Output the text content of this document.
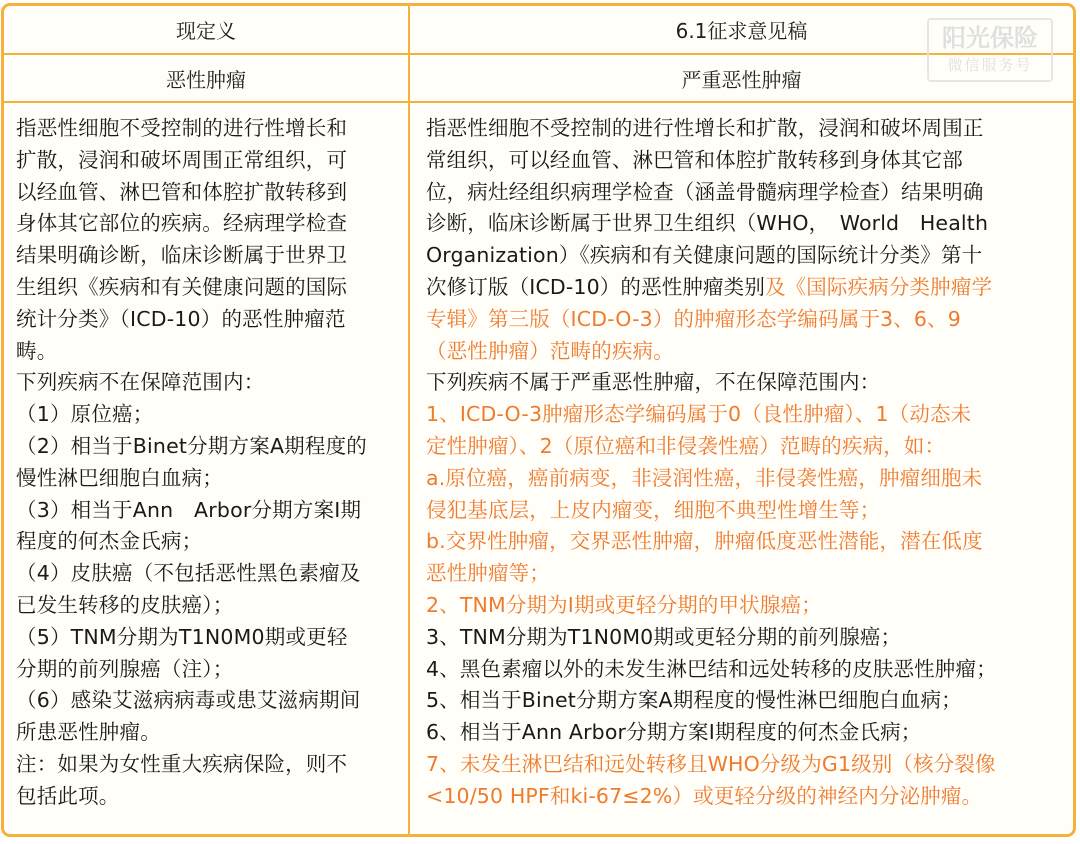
现定义	6.1征求意见稿
恶性肿瘤	严重恶性肿瘤
指恶性细胞不受控制的进行性增长和
扩散，浸润和破坏周围正常组织，可
以经血管、淋巴管和体腔扩散转移到
身体其它部位的疾病。经病理学检查
结果明确诊断，临床诊断属于世界卫
生组织《疾病和有关健康问题的国际
统计分类》（ICD-10）的恶性肿瘤范
畴。
下列疾病不在保障范围内：
（1）原位癌；
（2）相当于Binet分期方案A期程度的
慢性淋巴细胞白血病；
（3）相当于Ann　Arbor分期方案Ⅰ期
程度的何杰金氏病；
（4）皮肤癌（不包括恶性黑色素瘤及
已发生转移的皮肤癌）；
（5）TNM分期为T1N0M0期或更轻
分期的前列腺癌（注）；
（6）感染艾滋病病毒或患艾滋病期间
所患恶性肿瘤。
注：如果为女性重大疾病保险，则不
包括此项。
指恶性细胞不受控制的进行性增长和扩散，浸润和破坏周围正
常组织，可以经血管、淋巴管和体腔扩散转移到身体其它部
位，病灶经组织病理学检查（涵盖骨髓病理学检查）结果明确
诊断，临床诊断属于世界卫生组织（WHO，　World　Health
Organization）《疾病和有关健康问题的国际统计分类》第十
次修订版（ICD-10）的恶性肿瘤类别及《国际疾病分类肿瘤学
专辑》第三版（ICD-O-3）的肿瘤形态学编码属于3、6、9
（恶性肿瘤）范畴的疾病。
下列疾病不属于严重恶性肿瘤，不在保障范围内：
1、ICD-O-3肿瘤形态学编码属于0（良性肿瘤）、1（动态未
定性肿瘤）、2（原位癌和非侵袭性癌）范畴的疾病，如：
a.原位癌，癌前病变，非浸润性癌，非侵袭性癌，肿瘤细胞未
侵犯基底层，上皮内瘤变，细胞不典型性增生等；
b.交界性肿瘤，交界恶性肿瘤，肿瘤低度恶性潜能，潜在低度
恶性肿瘤等；
2、TNM分期为Ⅰ期或更轻分期的甲状腺癌；
3、TNM分期为T1N0M0期或更轻分期的前列腺癌；
4、黑色素瘤以外的未发生淋巴结和远处转移的皮肤恶性肿瘤；
5、相当于Binet分期方案A期程度的慢性淋巴细胞白血病；
6、相当于Ann Arbor分期方案Ⅰ期程度的何杰金氏病；
7、未发生淋巴结和远处转移且WHO分级为G1级别（核分裂像
<10/50 HPF和ki-67≤2%）或更轻分级的神经内分泌肿瘤。
阳光保险
微信服务号
